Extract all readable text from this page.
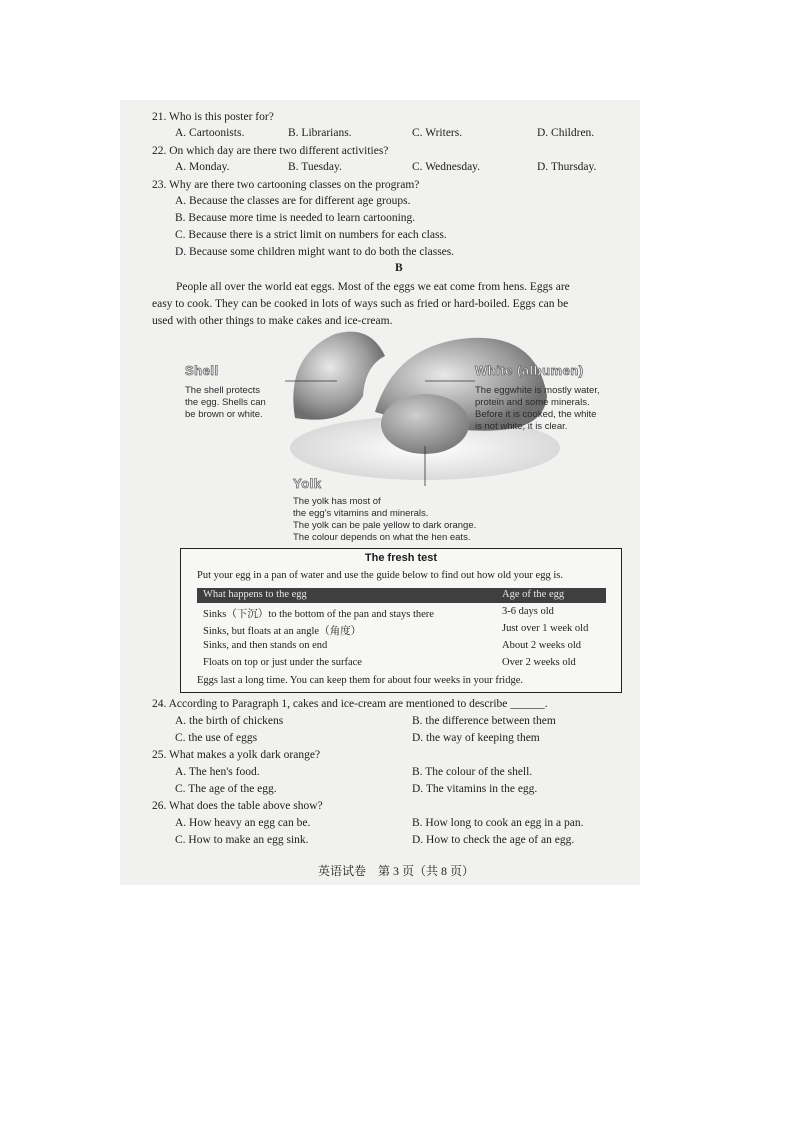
21. Who is this poster for?
A. Cartoonists.	B. Librarians.	C. Writers.	D. Children.
22. On which day are there two different activities?
A. Monday.	B. Tuesday.	C. Wednesday.	D. Thursday.
23. Why are there two cartooning classes on the program?
A. Because the classes are for different age groups.
B. Because more time is needed to learn cartooning.
C. Because there is a strict limit on numbers for each class.
D. Because some children might want to do both the classes.
B
People all over the world eat eggs. Most of the eggs we eat come from hens. Eggs are
easy to cook. They can be cooked in lots of ways such as fried or hard-boiled. Eggs can be
used with other things to make cakes and ice-cream.
Shell
The shell protects
the egg. Shells can
be brown or white.
White (albumen)
The eggwhite is mostly water,
protein and some minerals.
Before it is cooked, the white
is not white; it is clear.
Yolk
The yolk has most of
the egg's vitamins and minerals.
The yolk can be pale yellow to dark orange.
The colour depends on what the hen eats.
The fresh test
Put your egg in a pan of water and use the guide below to find out how old your egg is.
What happens to the egg	Age of the egg
Sinks（下沉）to the bottom of the pan and stays there	3-6 days old
Sinks, but floats at an angle（角度）	Just over 1 week old
Sinks, and then stands on end	About 2 weeks old
Floats on top or just under the surface	Over 2 weeks old
Eggs last a long time. You can keep them for about four weeks in your fridge.
24. According to Paragraph 1, cakes and ice-cream are mentioned to describe ______.
A. the birth of chickens	B. the difference between them
C. the use of eggs	D. the way of keeping them
25. What makes a yolk dark orange?
A. The hen's food.	B. The colour of the shell.
C. The age of the egg.	D. The vitamins in the egg.
26. What does the table above show?
A. How heavy an egg can be.	B. How long to cook an egg in a pan.
C. How to make an egg sink.	D. How to check the age of an egg.
英语试卷　第 3 页（共 8 页）
